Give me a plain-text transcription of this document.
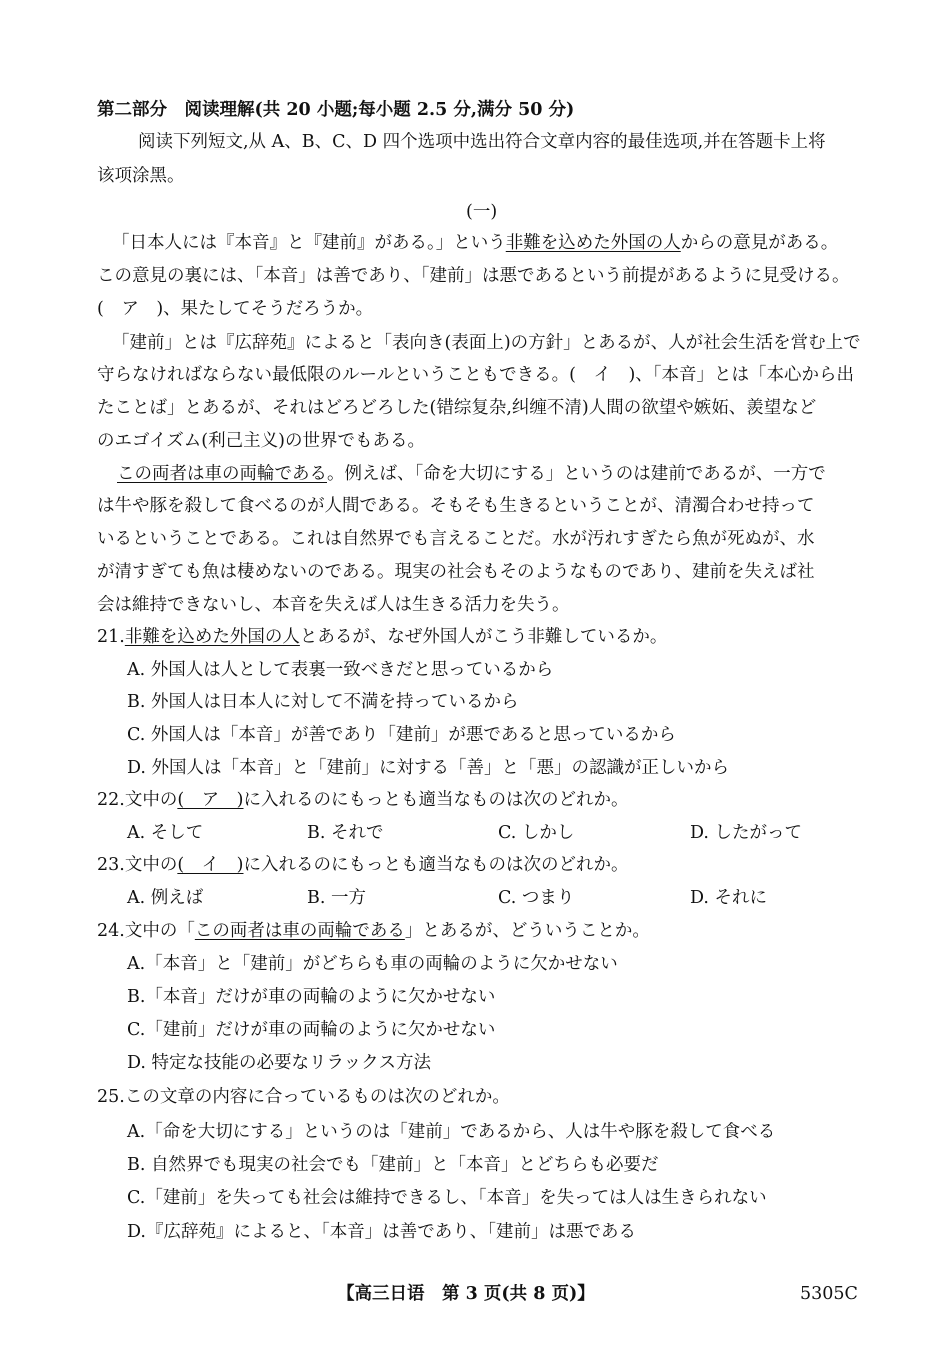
第二部分　阅读理解(共 20 小题;每小题 2.5 分,满分 50 分)
阅读下列短文,从 A、B、C、D 四个选项中选出符合文章内容的最佳选项,并在答题卡上将
该项涂黑。
(一)
「日本人には『本音』と『建前』がある。」という非難を込めた外国の人からの意見がある。
この意見の裏には、「本音」は善であり、「建前」は悪であるという前提があるように見受ける。
(　ア　)、果たしてそうだろうか。
「建前」とは『広辞苑』によると「表向き(表面上)の方針」とあるが、人が社会生活を営む上で
守らなければならない最低限のルールということもできる。(　イ　)、「本音」とは「本心から出
たことば」とあるが、それはどろどろした(错综复杂,纠缠不清)人間の欲望や嫉妬、羨望など
のエゴイズム(利己主义)の世界でもある。
この両者は車の両輪である。例えば、「命を大切にする」というのは建前であるが、一方で
は牛や豚を殺して食べるのが人間である。そもそも生きるということが、清濁合わせ持って
いるということである。これは自然界でも言えることだ。水が汚れすぎたら魚が死ぬが、水
が清すぎても魚は棲めないのである。現実の社会もそのようなものであり、建前を失えば社
会は維持できないし、本音を失えば人は生きる活力を失う。
21.非難を込めた外国の人とあるが、なぜ外国人がこう非難しているか。
A. 外国人は人として表裏一致べきだと思っているから
B. 外国人は日本人に対して不満を持っているから
C. 外国人は「本音」が善であり「建前」が悪であると思っているから
D. 外国人は「本音」と「建前」に対する「善」と「悪」の認識が正しいから
22.文中の(　ア　)に入れるのにもっとも適当なものは次のどれか。
A. そして	B. それで	C. しかし	D. したがって
23.文中の(　イ　)に入れるのにもっとも適当なものは次のどれか。
A. 例えば	B. 一方	C. つまり	D. それに
24.文中の「この両者は車の両輪である」とあるが、どういうことか。
A.「本音」と「建前」がどちらも車の両輪のように欠かせない
B.「本音」だけが車の両輪のように欠かせない
C.「建前」だけが車の両輪のように欠かせない
D. 特定な技能の必要なリラックス方法
25.この文章の内容に合っているものは次のどれか。
A.「命を大切にする」というのは「建前」であるから、人は牛や豚を殺して食べる
B. 自然界でも現実の社会でも「建前」と「本音」とどちらも必要だ
C.「建前」を失っても社会は維持できるし、「本音」を失っては人は生きられない
D.『広辞苑』によると、「本音」は善であり、「建前」は悪である
【高三日语　第 3 页(共 8 页)】	5305C
